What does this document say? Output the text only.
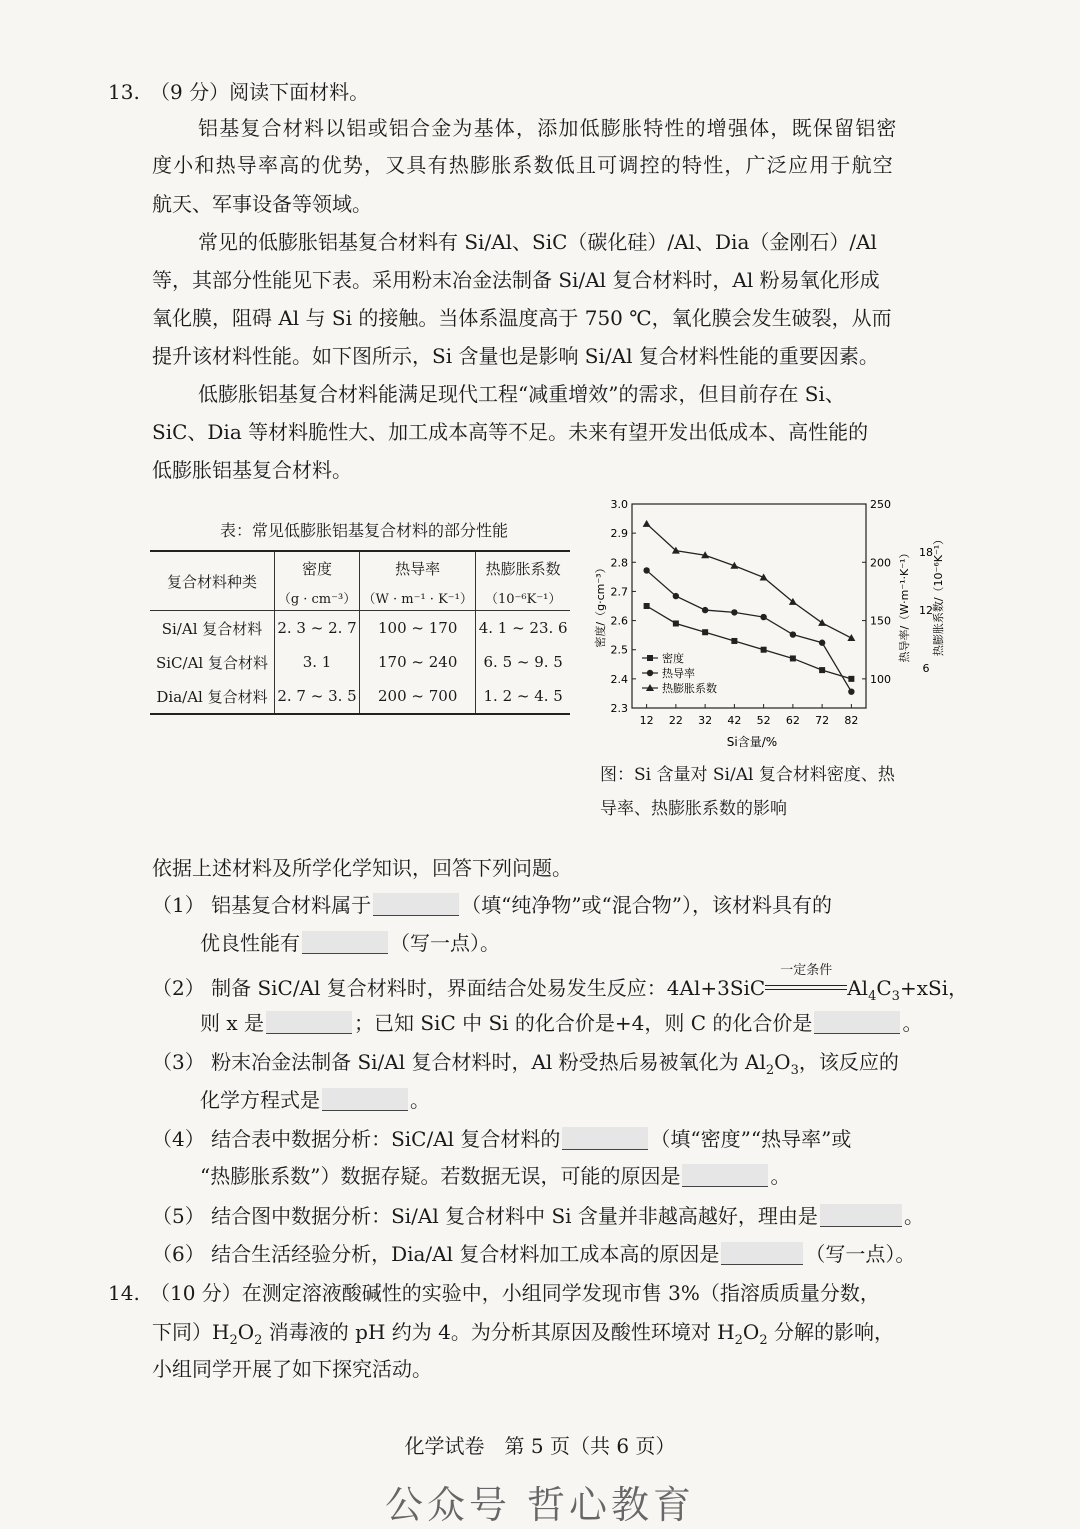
13. （9 分）阅读下面材料。
铝基复合材料以铝或铝合金为基体，添加低膨胀特性的增强体，既保留铝密
度小和热导率高的优势，又具有热膨胀系数低且可调控的特性，广泛应用于航空
航天、军事设备等领域。
常见的低膨胀铝基复合材料有 Si/Al、SiC（碳化硅）/Al、Dia（金刚石）/Al
等，其部分性能见下表。采用粉末冶金法制备 Si/Al 复合材料时，Al 粉易氧化形成
氧化膜，阻碍 Al 与 Si 的接触。当体系温度高于 750 ℃，氧化膜会发生破裂，从而
提升该材料性能。如下图所示，Si 含量也是影响 Si/Al 复合材料性能的重要因素。
低膨胀铝基复合材料能满足现代工程“减重增效”的需求，但目前存在 Si、
SiC、Dia 等材料脆性大、加工成本高等不足。未来有望开发出低成本、高性能的
低膨胀铝基复合材料。
表：常见低膨胀铝基复合材料的部分性能
复合材料种类	密度	热导率	热膨胀系数
	（g · cm⁻³）	（W · m⁻¹ · K⁻¹）	（10⁻⁶K⁻¹）
Si/Al 复合材料	2. 3 ~ 2. 7	100 ~ 170	4. 1 ~ 23. 6
SiC/Al 复合材料	3. 1	170 ~ 240	6. 5 ~ 9. 5
Dia/Al 复合材料	2. 7 ~ 3. 5	200 ~ 700	1. 2 ~ 4. 5
2.3
2.4
2.5
2.6
2.7
2.8
2.9
3.0
100
150
200
250
6
12
18
12 22 32 42 52 62 72 82
密度
热导率
热膨胀系数
Si含量/%
密度/（g·cm⁻³）	热导率/（W·m⁻¹·K⁻¹） 热膨胀系数/（10⁻⁶K⁻¹）
图：Si 含量对 Si/Al 复合材料密度、热
导率、热膨胀系数的影响
依据上述材料及所学化学知识，回答下列问题。
（1） 铝基复合材料属于	（填“纯净物”或“混合物”），该材料具有的
优良性能有	（写一点）。
（2） 制备 SiC/Al 复合材料时，界面结合处易发生反应：4Al+3SiC
一定条件
$Al_4C_3+xSi$，
则 x 是	；已知 SiC 中 Si 的化合价是+4，则 C 的化合价是	。
（3） 粉末冶金法制备 Si/Al 复合材料时，Al 粉受热后易被氧化为 $Al_2O_3$，该反应的
化学方程式是	。
（4） 结合表中数据分析：SiC/Al 复合材料的	（填“密度”“热导率”或
“热膨胀系数”）数据存疑。若数据无误，可能的原因是	。
（5） 结合图中数据分析：Si/Al 复合材料中 Si 含量并非越高越好，理由是	。
（6） 结合生活经验分析，Dia/Al 复合材料加工成本高的原因是	（写一点）。
14. （10 分）在测定溶液酸碱性的实验中，小组同学发现市售 3%（指溶质质量分数，
下同）$H_2O_2$ 消毒液的 pH 约为 4。为分析其原因及酸性环境对 $H_2O_2$ 分解的影响，
小组同学开展了如下探究活动。
化学试卷　第 5 页（共 6 页）
公众号 哲心教育
